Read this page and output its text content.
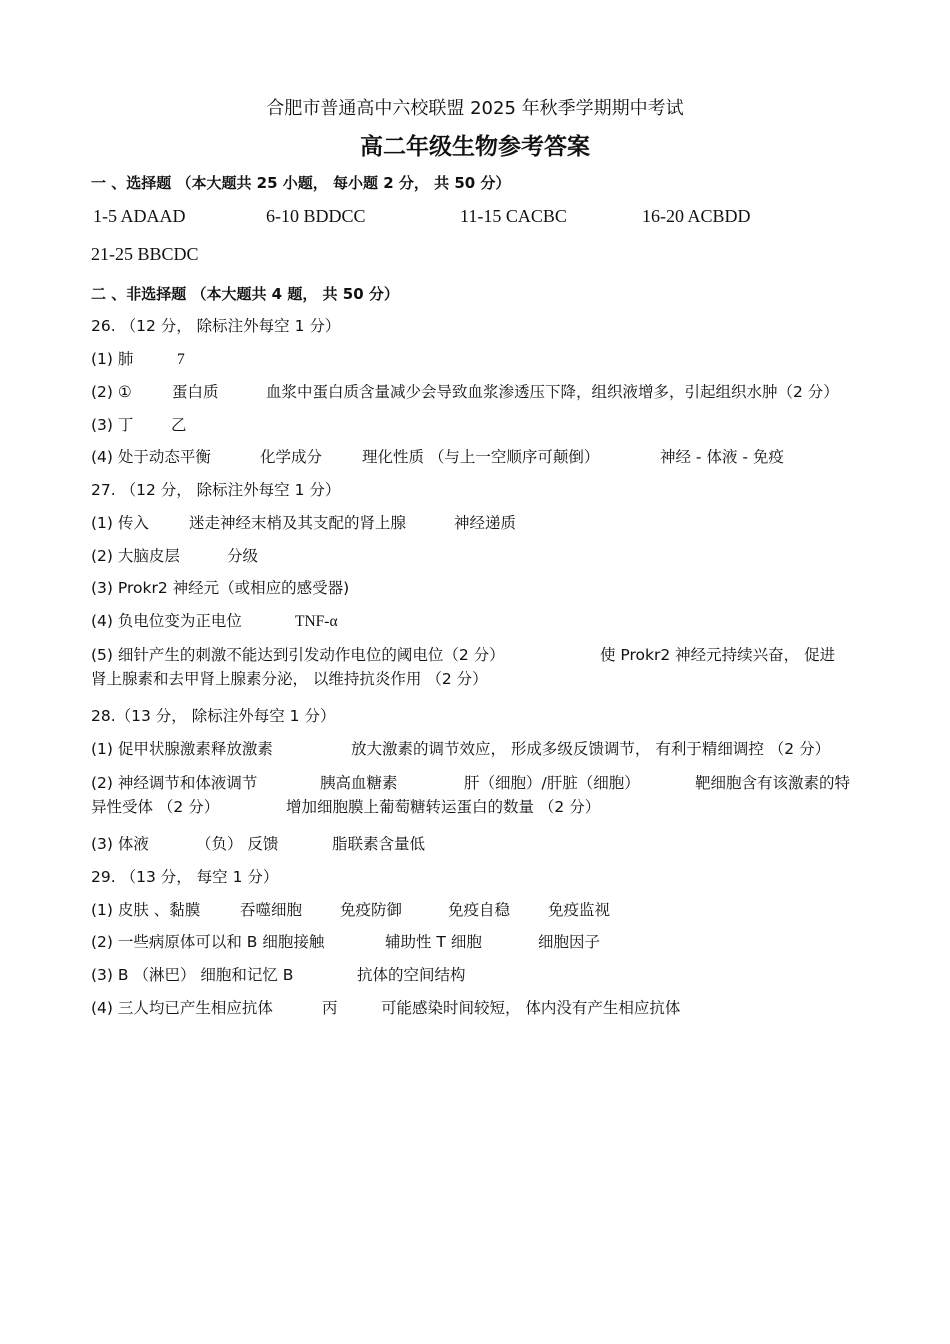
合肥市普通高中六校联盟 2025 年秋季学期期中考试
高二年级生物参考答案
一 、选择题 （本大题共 25 小题， 每小题 2 分， 共 50 分）
1-5 ADAAD	6-10 BDDCC	11-15 CACBC	16-20 ACBDD
21-25 BBCDC
二 、非选择题 （本大题共 4 题， 共 50 分）
26. （12 分， 除标注外每空 1 分）
(1) 肺	7
(2) ①	蛋白质	血浆中蛋白质含量减少会导致血浆渗透压下降，组织液增多，引起组织水肿（2 分）
(3) 丁 乙
(4) 处于动态平衡	化学成分	理化性质 （与上一空顺序可颠倒）	神经 - 体液 - 免疫
27. （12 分， 除标注外每空 1 分）
(1) 传入	迷走神经末梢及其支配的肾上腺	神经递质
(2) 大脑皮层	分级
(3) Prokr2 神经元（或相应的感受器)
(4) 负电位变为正电位	TNF-α
(5) 细针产生的刺激不能达到引发动作电位的阈电位（2 分）	使 Prokr2 神经元持续兴奋， 促进
肾上腺素和去甲肾上腺素分泌， 以维持抗炎作用 （2 分）
28.（13 分， 除标注外每空 1 分）
(1) 促甲状腺激素释放激素	放大激素的调节效应， 形成多级反馈调节， 有利于精细调控 （2 分）
(2) 神经调节和体液调节	胰高血糖素	肝（细胞）/肝脏（细胞）	靶细胞含有该激素的特
异性受体 （2 分）	增加细胞膜上葡萄糖转运蛋白的数量 （2 分）
(3) 体液	（负） 反馈	脂联素含量低
29. （13 分， 每空 1 分）
(1) 皮肤 、黏膜	吞噬细胞 免疫防御	免疫自稳 免疫监视
(2) 一些病原体可以和 B 细胞接触	辅助性 T 细胞	细胞因子
(3) B （淋巴） 细胞和记忆 B	抗体的空间结构
(4) 三人均已产生相应抗体	丙	可能感染时间较短， 体内没有产生相应抗体
